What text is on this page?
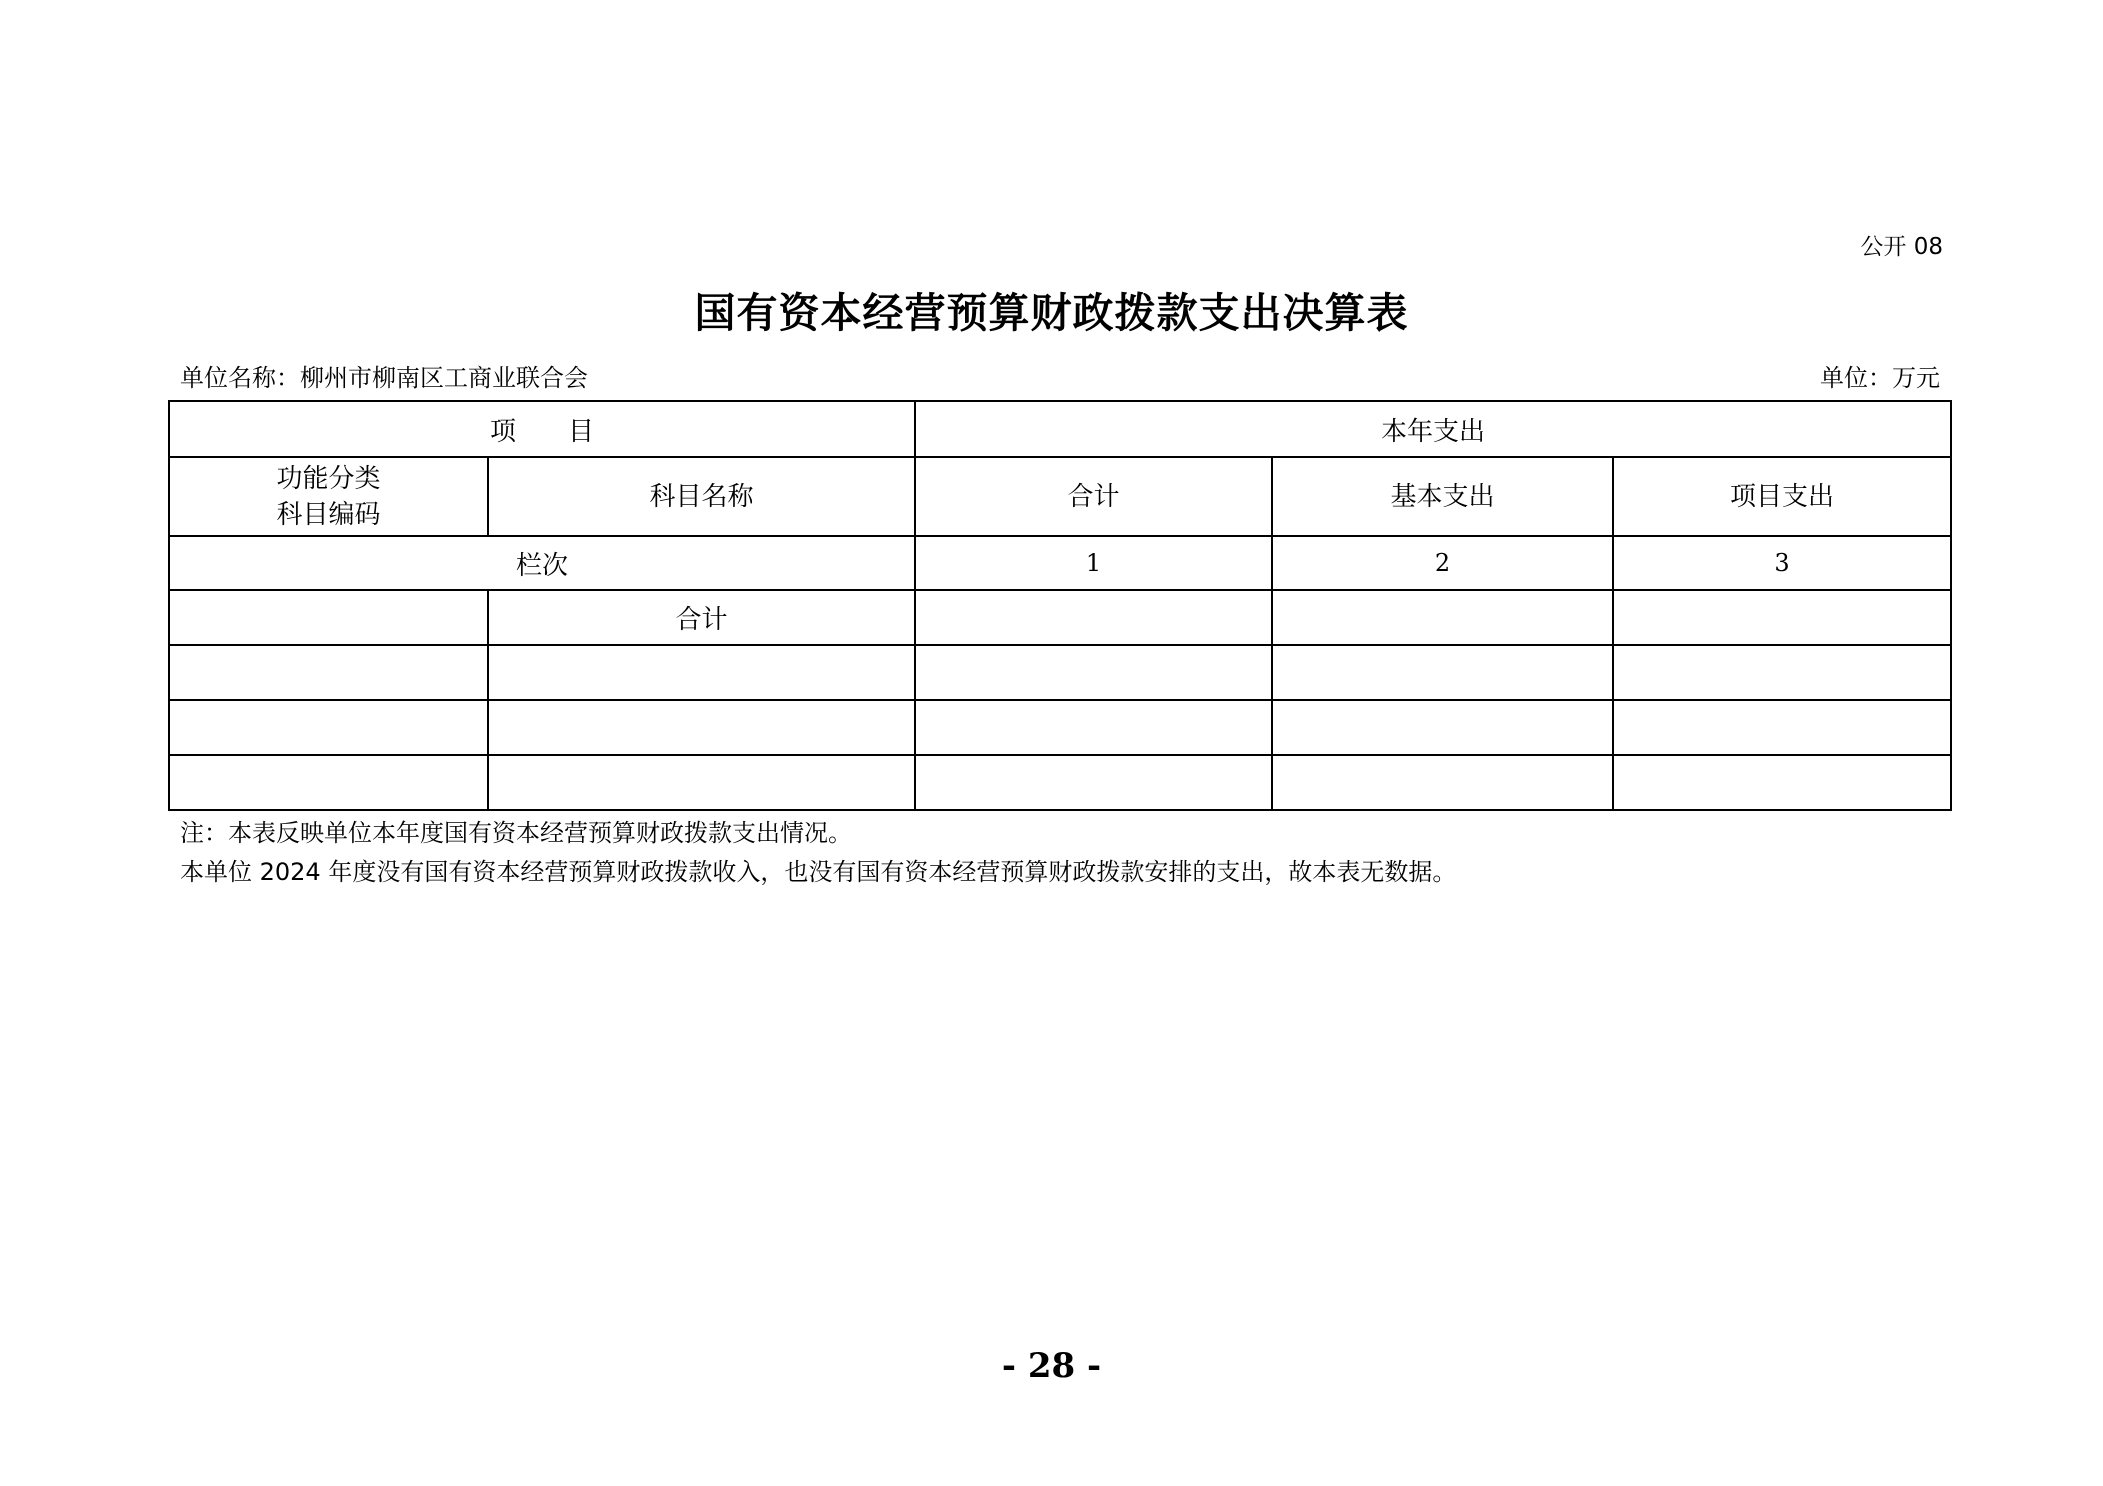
公开 08
国有资本经营预算财政拨款支出决算表
单位名称：柳州市柳南区工商业联合会	单位：万元
项　　目		本年支出		

功能分类
科目编码	科目名称	合计	基本支出	项目支出
栏次		1	2	3
	合计			

注：本表反映单位本年度国有资本经营预算财政拨款支出情况。
本单位 2024 年度没有国有资本经营预算财政拨款收入，也没有国有资本经营预算财政拨款安排的支出，故本表无数据。
- 28 -
